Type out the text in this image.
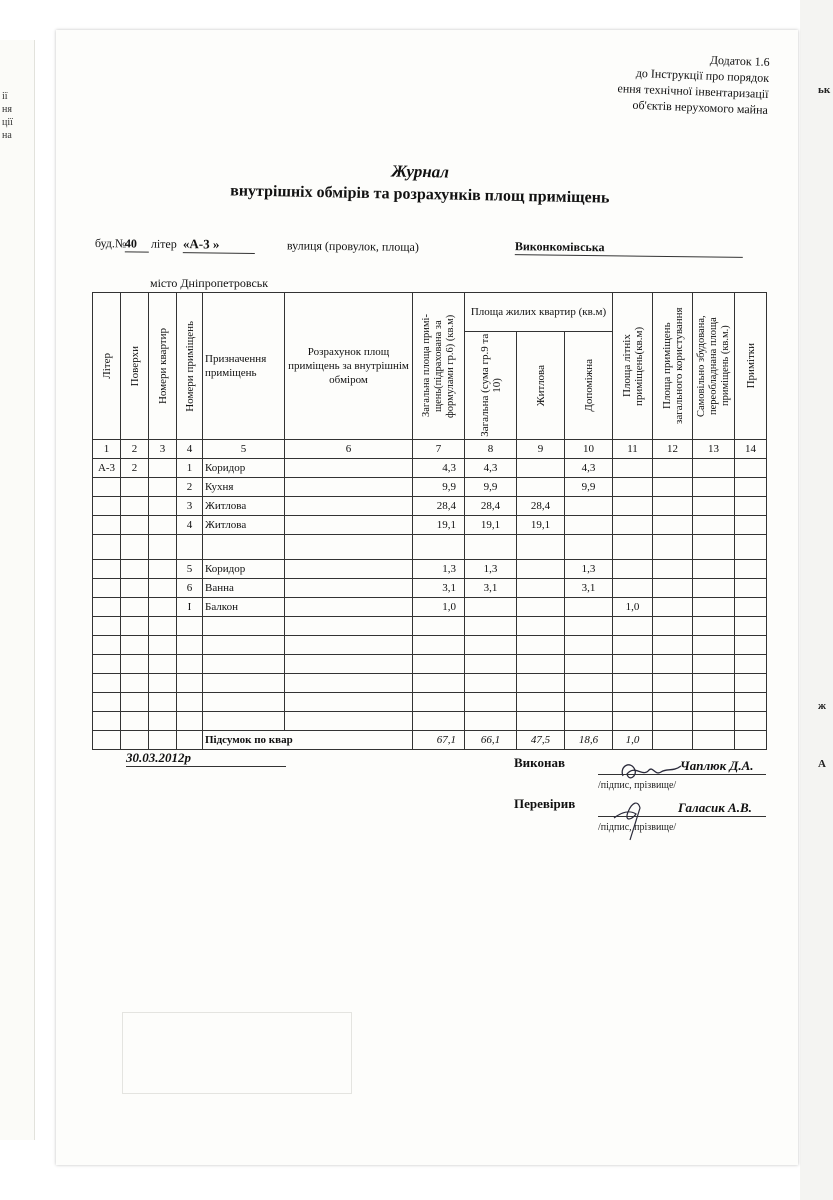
ії
ня
ції
на
ьк
ж
А
Додаток 1.6
до Інструкції про порядок
ення технічної інвентаризації
об'єктів нерухомого майна
Журнал
внутрішніх обмірів та розрахунків площ приміщень
буд.№
40	літер «А-3 »	вулиця (провулок, площа)	Виконкомівська
місто Дніпропетровськ
Літер	Поверхи	Номери квартир	Номери приміщень	Призначення приміщень	Розрахунок площ приміщень за внутрішнім обміром	Загальна площа примі-щень(підрахована за формулами гр.6) (кв.м)	Площа жилих квартир (кв.м)			Площа літніх приміщень(кв.м)	Площа приміщень загального користування	Самовільно збудована, переобладнана площа приміщень (кв.м.)	Примітки

							Загальна (сума гр.9 та 10)	Житлова	Допоміжна				

1	2	3	4	5	6	7	8	9	10	11	12	13	14
А-3	2		1	Коридор		4,3	4,3		4,3				
			2	Кухня		9,9	9,9		9,9				
			3	Житлова		28,4	28,4	28,4					
			4	Житлова		19,1	19,1	19,1					

			5	Коридор		1,3	1,3		1,3				
			6	Ванна		3,1	3,1		3,1				
			I	Балкон		1,0				1,0			

				Підсумок по квар		67,1	66,1	47,5	18,6	1,0			
30.03.2012р	Виконав	Чаплюк Д.А.
/підпис, прізвище/
Перевірив	Галасик А.В.
/підпис, прізвище/
